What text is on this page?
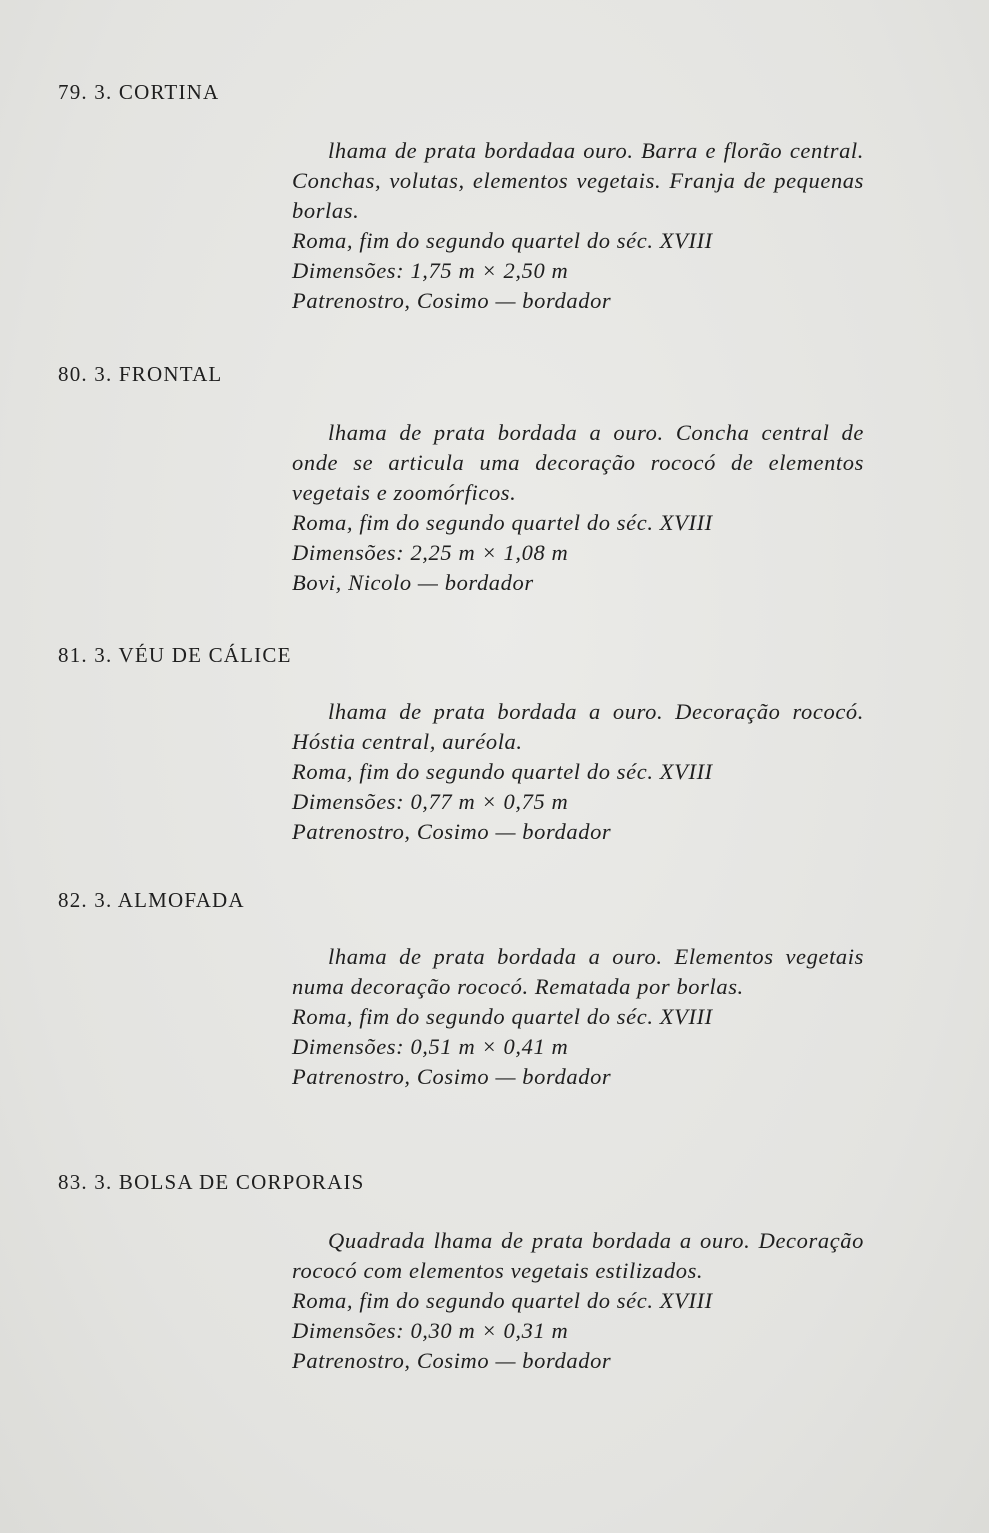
79. 3. CORTINA

lhama de prata bordadaa ouro. Barra e florão central. Conchas, volutas, elementos vegetais. Franja de pequenas borlas.

Roma, fim do segundo quartel do séc. XVIII

Dimensões: 1,75 m × 2,50 m

Patrenostro, Cosimo — bordador

80. 3. FRONTAL

lhama de prata bordada a ouro. Concha central de onde se articula uma decoração rococó de elementos vegetais e zoomórficos.

Roma, fim do segundo quartel do séc. XVIII

Dimensões: 2,25 m × 1,08 m

Bovi, Nicolo — bordador

81. 3. VÉU DE CÁLICE

lhama de prata bordada a ouro. Decoração rococó. Hóstia central, auréola.

Roma, fim do segundo quartel do séc. XVIII

Dimensões: 0,77 m × 0,75 m

Patrenostro, Cosimo — bordador

82. 3. ALMOFADA

lhama de prata bordada a ouro. Elementos vegetais numa decoração rococó. Rematada por borlas.

Roma, fim do segundo quartel do séc. XVIII

Dimensões: 0,51 m × 0,41 m

Patrenostro, Cosimo — bordador

83. 3. BOLSA DE CORPORAIS

Quadrada lhama de prata bordada a ouro. Decoração rococó com elementos vegetais estilizados.

Roma, fim do segundo quartel do séc. XVIII

Dimensões: 0,30 m × 0,31 m

Patrenostro, Cosimo — bordador
